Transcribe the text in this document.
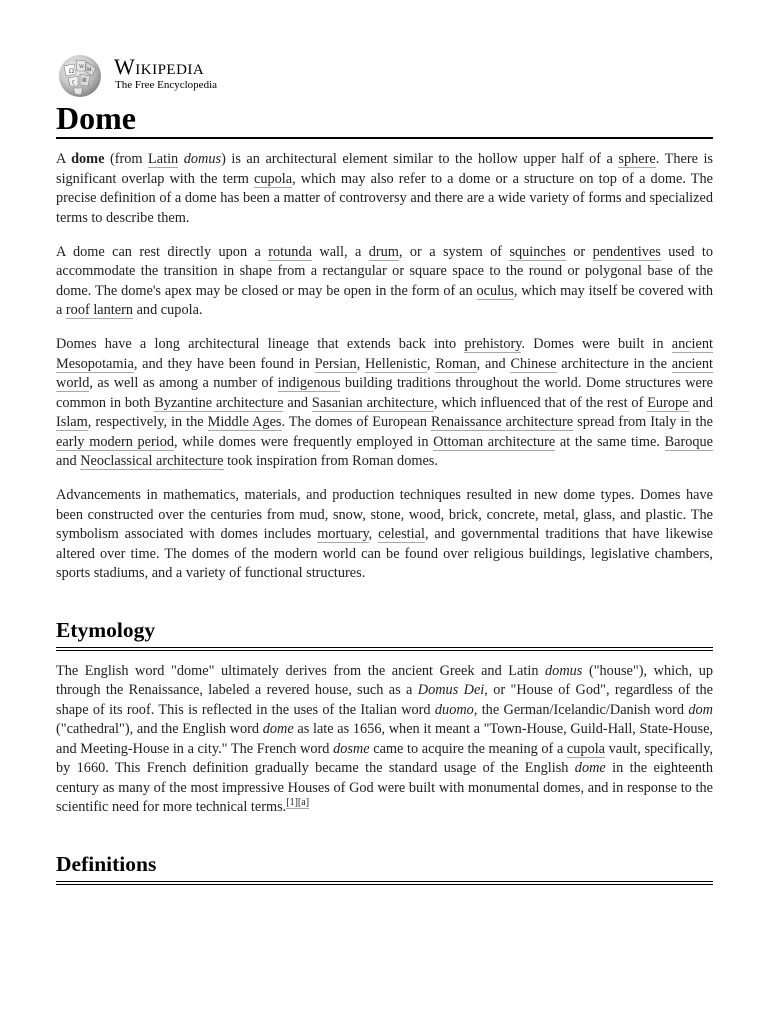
Ω
W И
ζ 維
Wikipedia
The Free Encyclopedia
Dome

A dome (from Latin domus) is an architectural element similar to the hollow upper half of a sphere. There is significant overlap with the term cupola, which may also refer to a dome or a structure on top of a dome. The precise definition of a dome has been a matter of controversy and there are a wide variety of forms and specialized terms to describe them.

A dome can rest directly upon a rotunda wall, a drum, or a system of squinches or pendentives used to accommodate the transition in shape from a rectangular or square space to the round or polygonal base of the dome. The dome's apex may be closed or may be open in the form of an oculus, which may itself be covered with a roof lantern and cupola.

Domes have a long architectural lineage that extends back into prehistory. Domes were built in ancient Mesopotamia, and they have been found in Persian, Hellenistic, Roman, and Chinese architecture in the ancient world, as well as among a number of indigenous building traditions throughout the world. Dome structures were common in both Byzantine architecture and Sasanian architecture, which influenced that of the rest of Europe and Islam, respectively, in the Middle Ages. The domes of European Renaissance architecture spread from Italy in the early modern period, while domes were frequently employed in Ottoman architecture at the same time. Baroque and Neoclassical architecture took inspiration from Roman domes.

Advancements in mathematics, materials, and production techniques resulted in new dome types. Domes have been constructed over the centuries from mud, snow, stone, wood, brick, concrete, metal, glass, and plastic. The symbolism associated with domes includes mortuary, celestial, and governmental traditions that have likewise altered over time. The domes of the modern world can be found over religious buildings, legislative chambers, sports stadiums, and a variety of functional structures.

Etymology

The English word "dome" ultimately derives from the ancient Greek and Latin domus ("house"), which, up through the Renaissance, labeled a revered house, such as a Domus Dei, or "House of God", regardless of the shape of its roof. This is reflected in the uses of the Italian word duomo, the German/Icelandic/Danish word dom ("cathedral"), and the English word dome as late as 1656, when it meant a "Town-House, Guild-Hall, State-House, and Meeting-House in a city." The French word dosme came to acquire the meaning of a cupola vault, specifically, by 1660. This French definition gradually became the standard usage of the English dome in the eighteenth century as many of the most impressive Houses of God were built with monumental domes, and in response to the scientific need for more technical terms.[1][a]

Definitions
